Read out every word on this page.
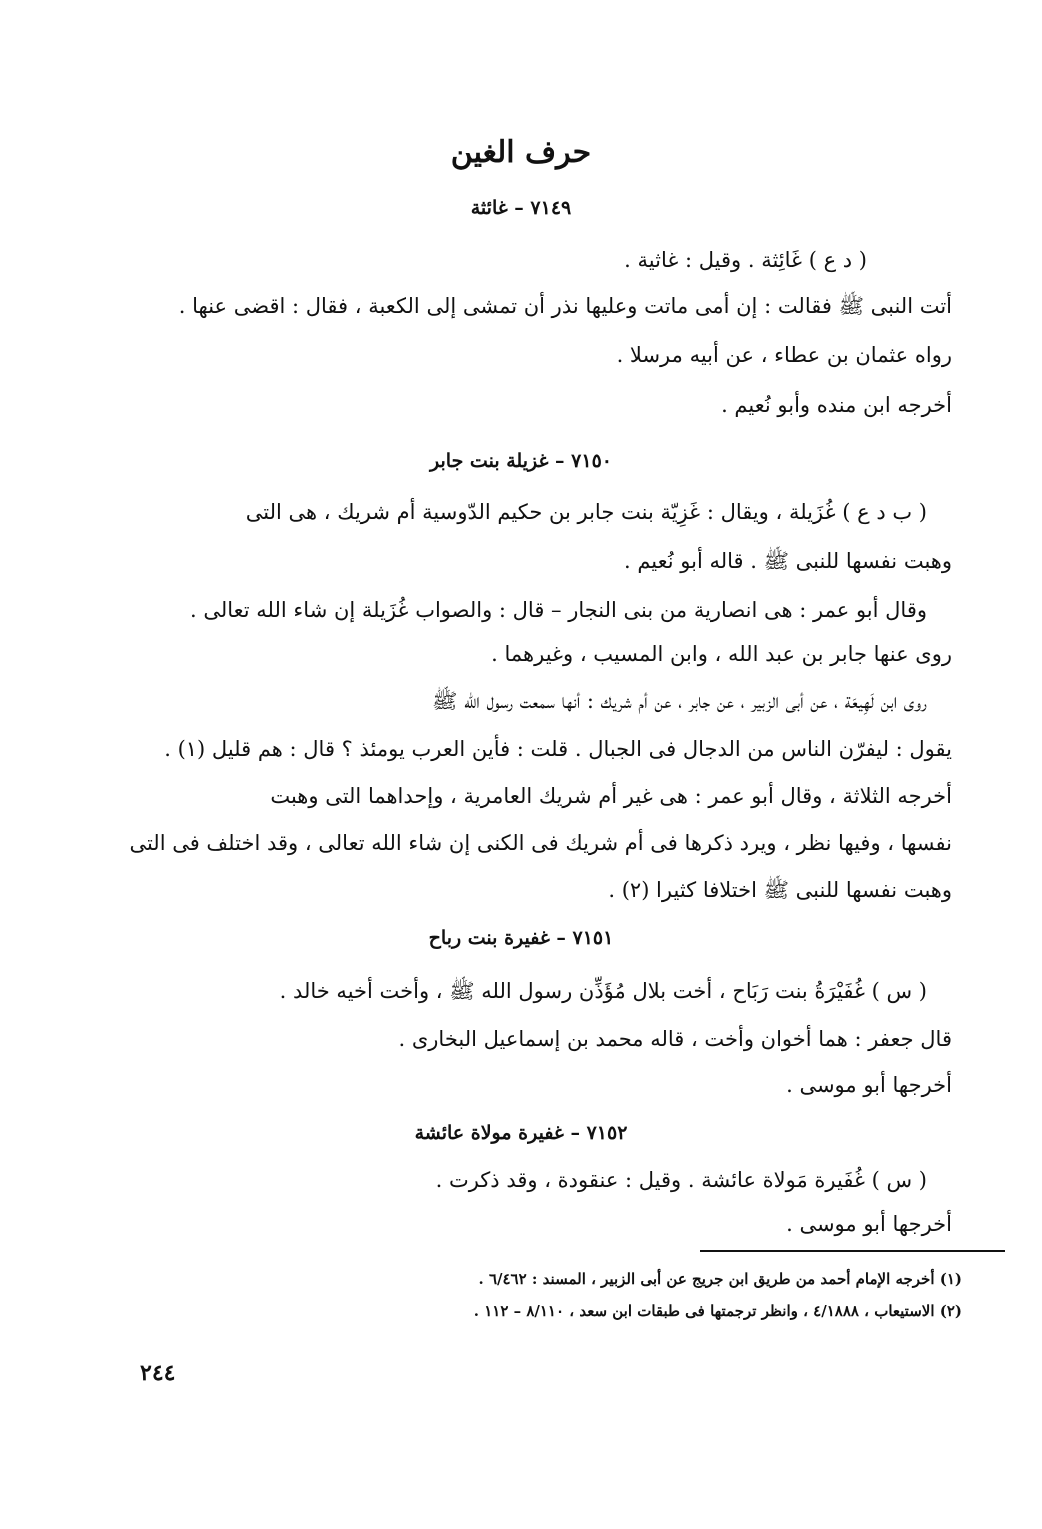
حرف الغين
٧١٤٩ – غائثة
( د ع ) غَائِثة . وقيل : غاثية .
أتت النبى ﷺ فقالت : إن أمى ماتت وعليها نذر أن تمشى إلى الكعبة ، فقال : اقضى عنها .
رواه عثمان بن عطاء ، عن أبيه مرسلا .
أخرجه ابن منده وأبو نُعيم .
٧١٥٠ – غزيلة بنت جابر
( ب د ع ) غُزَيلة ، ويقال : غَزِيّة بنت جابر بن حكيم الدّوسية أم شريك ، هى التى
وهبت نفسها للنبى ﷺ . قاله أبو نُعيم .
وقال أبو عمر : هى انصارية من بنى النجار – قال : والصواب غُزَيلة إن شاء الله تعالى .
روى عنها جابر بن عبد الله ، وابن المسيب ، وغيرهما .
روى ابن لَهِيعَة ، عن أبى الزبير ، عن جابر ، عن أم شريك : أنها سمعت رسول الله ﷺ
يقول : ليفرّن الناس من الدجال فى الجبال . قلت : فأين العرب يومئذ ؟ قال : هم قليل (١) .
أخرجه الثلاثة ، وقال أبو عمر : هى غير أم شريك العامرية ، وإحداهما التى وهبت
نفسها ، وفيها نظر ، ويرد ذكرها فى أم شريك فى الكنى إن شاء الله تعالى ، وقد اختلف فى التى
وهبت نفسها للنبى ﷺ اختلافا كثيرا (٢) .
٧١٥١ – غفيرة بنت رباح
( س ) غُفَيْرَةُ بنت رَبَاح ، أخت بلال مُؤَذِّن رسول الله ﷺ ، وأخت أخيه خالد .
قال جعفر : هما أخوان وأخت ، قاله محمد بن إسماعيل البخارى .
أخرجها أبو موسى .
٧١٥٢ – غفيرة مولاة عائشة
( س ) غُفَيرة مَولاة عائشة . وقيل : عنقودة ، وقد ذكرت .
أخرجها أبو موسى .
(١) أخرجه الإمام أحمد من طريق ابن جريج عن أبى الزبير ، المسند : ٦/٤٦٢ .
(٢) الاستيعاب ، ٤/١٨٨٨ ، وانظر ترجمتها فى طبقات ابن سعد ، ٨/١١٠ – ١١٢ .
٢٤٤
